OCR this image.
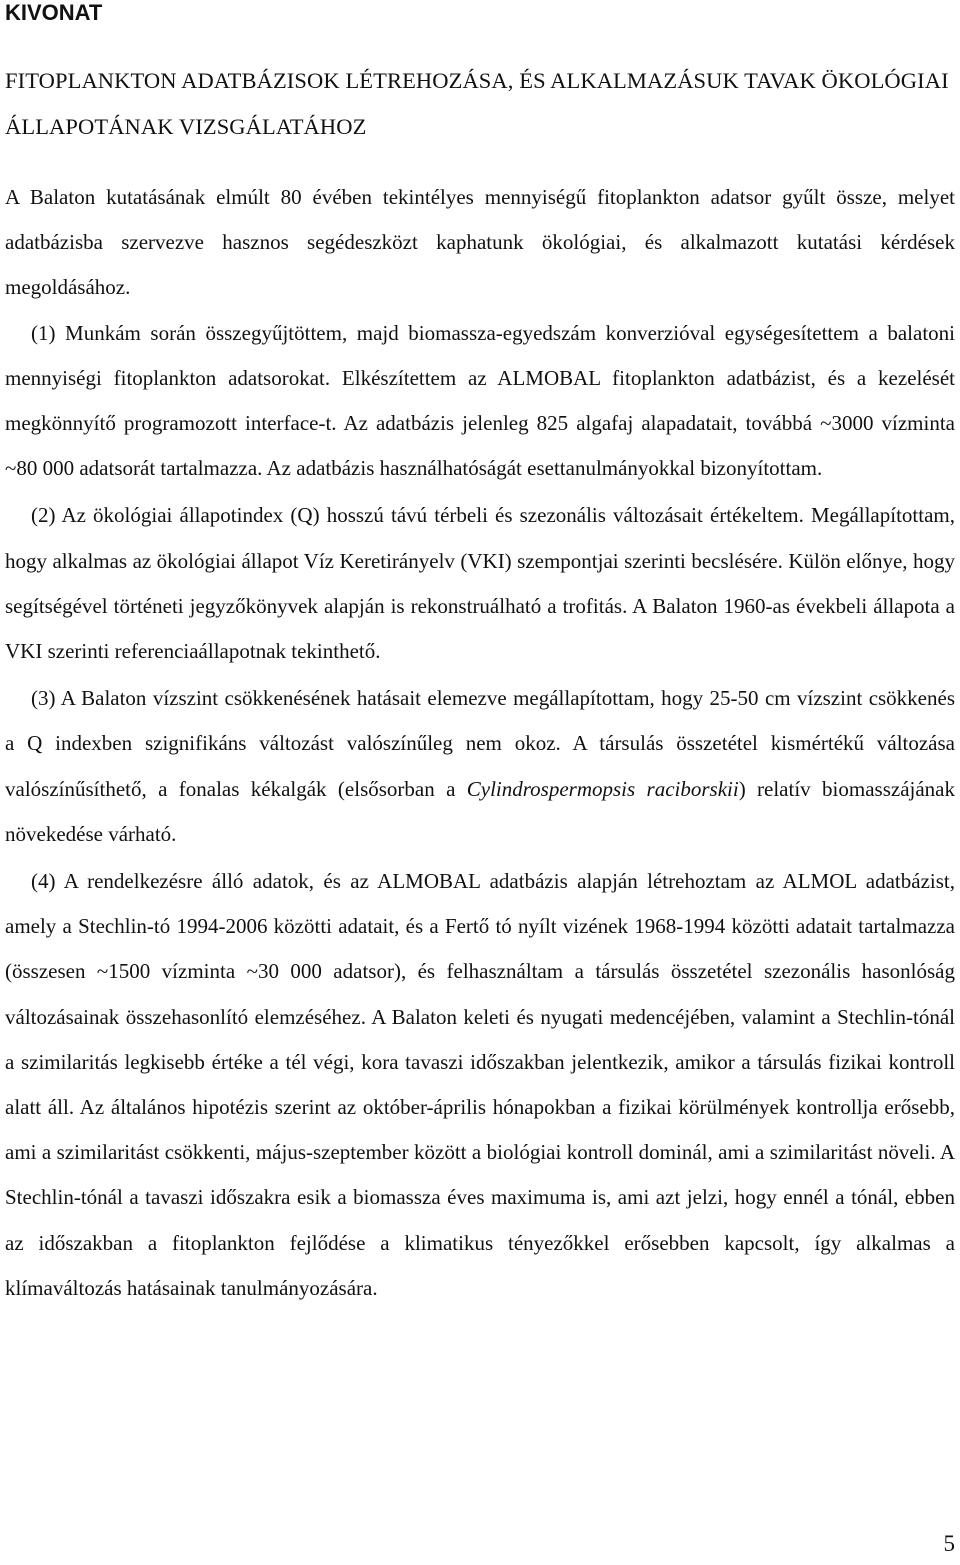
KIVONAT
FITOPLANKTON ADATBÁZISOK LÉTREHOZÁSA, ÉS ALKALMAZÁSUK TAVAK ÖKOLÓGIAI ÁLLAPOTÁNAK VIZSGÁLATÁHOZ

A Balaton kutatásának elmúlt 80 évében tekintélyes mennyiségű fitoplankton adatsor gyűlt össze, melyet adatbázisba szervezve hasznos segédeszközt kaphatunk ökológiai, és alkalmazott kutatási kérdések megoldásához.

(1) Munkám során összegyűjtöttem, majd biomassza-egyedszám konverzióval egységesítettem a balatoni mennyiségi fitoplankton adatsorokat. Elkészítettem az ALMOBAL fitoplankton adatbázist, és a kezelését megkönnyítő programozott interface-t. Az adatbázis jelenleg 825 algafaj alapadatait, továbbá ~3000 vízminta ~80 000 adatsorát tartalmazza. Az adatbázis használhatóságát esettanulmányokkal bizonyítottam.

(2) Az ökológiai állapotindex (Q) hosszú távú térbeli és szezonális változásait értékeltem. Megállapítottam, hogy alkalmas az ökológiai állapot Víz Keretirányelv (VKI) szempontjai szerinti becslésére. Külön előnye, hogy segítségével történeti jegyzőkönyvek alapján is rekonstruálható a trofitás. A Balaton 1960-as évekbeli állapota a VKI szerinti referenciaállapotnak tekinthető.

(3) A Balaton vízszint csökkenésének hatásait elemezve megállapítottam, hogy 25-50 cm vízszint csökkenés a Q indexben szignifikáns változást valószínűleg nem okoz. A társulás összetétel kismértékű változása valószínűsíthető, a fonalas kékalgák (elsősorban a Cylindrospermopsis raciborskii) relatív biomasszájának növekedése várható.

(4) A rendelkezésre álló adatok, és az ALMOBAL adatbázis alapján létrehoztam az ALMOL adatbázist, amely a Stechlin-tó 1994-2006 közötti adatait, és a Fertő tó nyílt vizének 1968-1994 közötti adatait tartalmazza (összesen ~1500 vízminta ~30 000 adatsor), és felhasználtam a társulás összetétel szezonális hasonlóság változásainak összehasonlító elemzéséhez. A Balaton keleti és nyugati medencéjében, valamint a Stechlin-tónál a szimilaritás legkisebb értéke a tél végi, kora tavaszi időszakban jelentkezik, amikor a társulás fizikai kontroll alatt áll. Az általános hipotézis szerint az október-április hónapokban a fizikai körülmények kontrollja erősebb, ami a szimilaritást csökkenti, május-szeptember között a biológiai kontroll dominál, ami a szimilaritást növeli. A Stechlin-tónál a tavaszi időszakra esik a biomassza éves maximuma is, ami azt jelzi, hogy ennél a tónál, ebben az időszakban a fitoplankton fejlődése a klimatikus tényezőkkel erősebben kapcsolt, így alkalmas a klímaváltozás hatásainak tanulmányozására.

5
